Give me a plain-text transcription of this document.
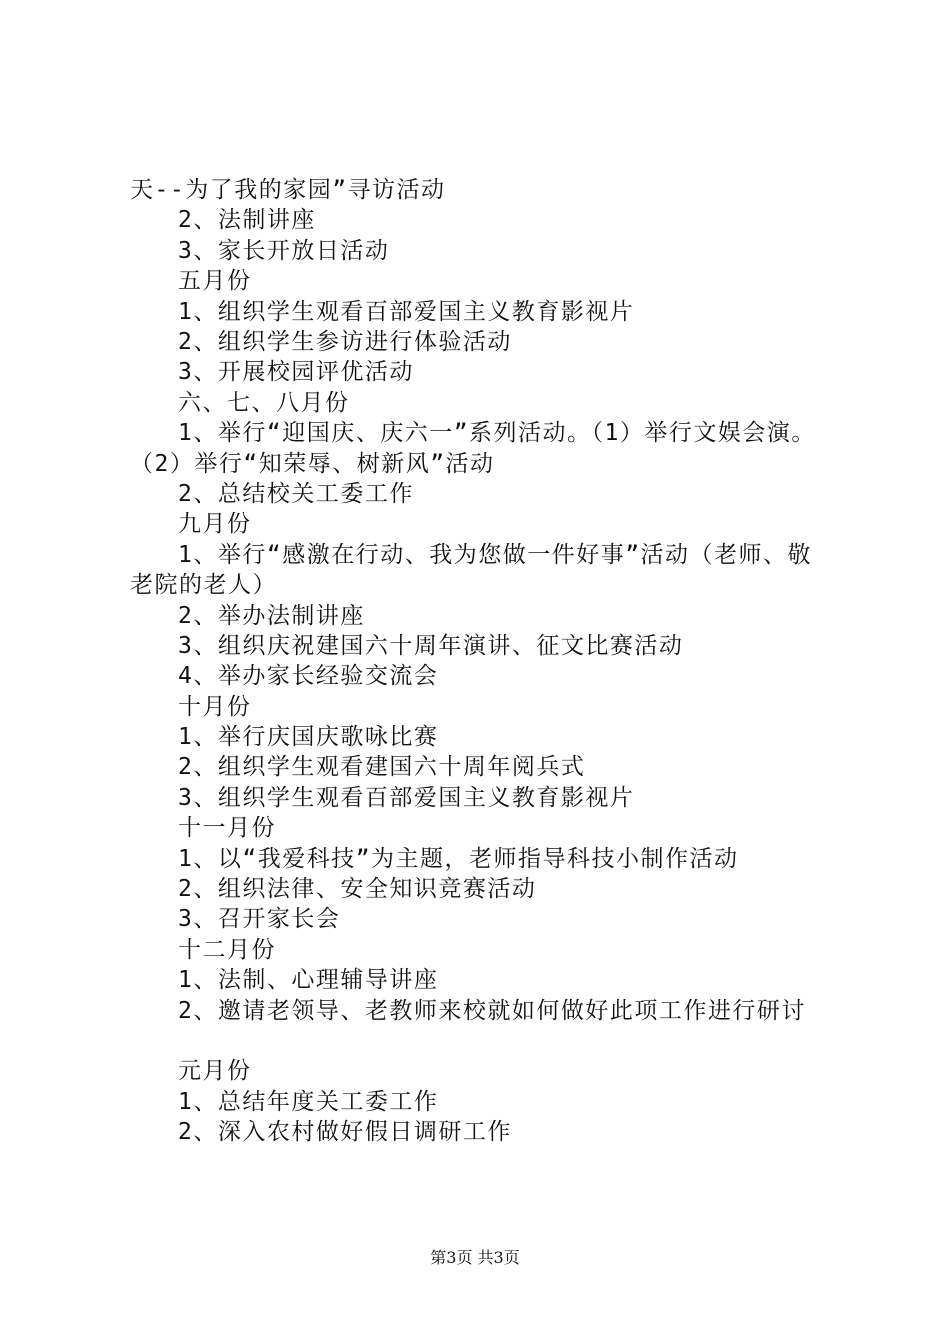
天--为了我的家园”寻访活动
2、法制讲座
3、家长开放日活动
五月份
1、组织学生观看百部爱国主义教育影视片
2、组织学生参访进行体验活动
3、开展校园评优活动
六、七、八月份
1、举行“迎国庆、庆六一”系列活动。（1）举行文娱会演。（2）举行“知荣辱、树新风”活动
2、总结校关工委工作
九月份
1、举行“感激在行动、我为您做一件好事”活动（老师、敬老院的老人）
2、举办法制讲座
3、组织庆祝建国六十周年演讲、征文比赛活动
4、举办家长经验交流会
十月份
1、举行庆国庆歌咏比赛
2、组织学生观看建国六十周年阅兵式
3、组织学生观看百部爱国主义教育影视片
十一月份
1、以“我爱科技”为主题，老师指导科技小制作活动
2、组织法律、安全知识竞赛活动
3、召开家长会
十二月份
1、法制、心理辅导讲座
2、邀请老领导、老教师来校就如何做好此项工作进行研讨
元月份
1、总结年度关工委工作
2、深入农村做好假日调研工作
第3页 共3页
